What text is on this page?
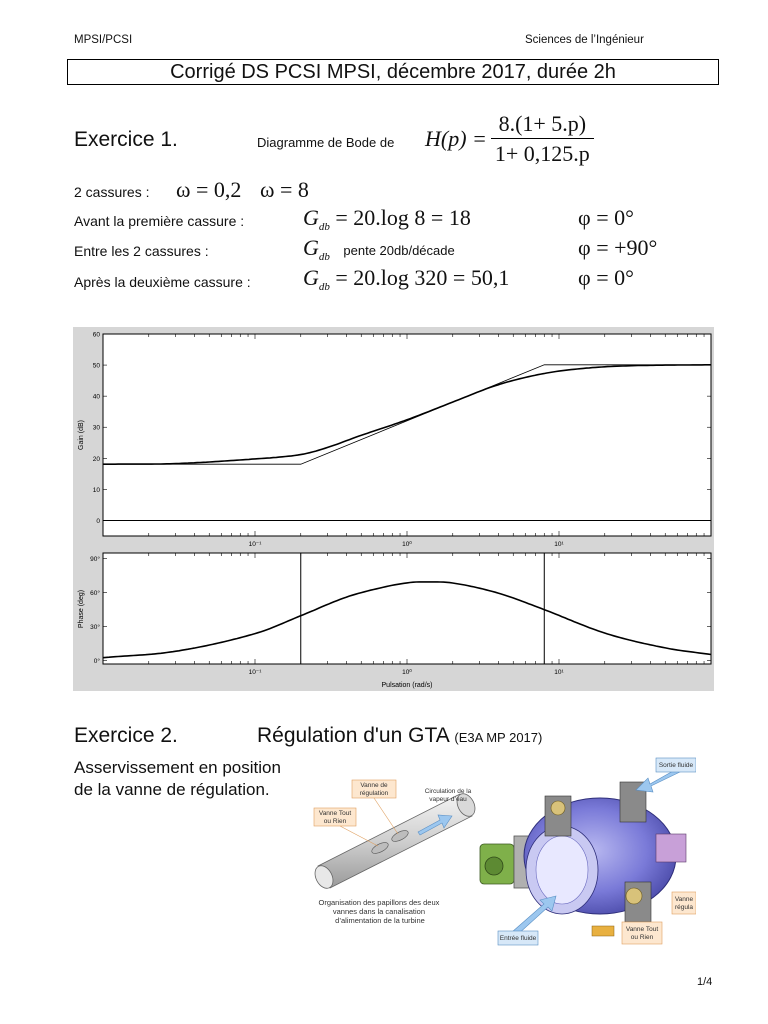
MPSI/PCSI	Sciences de l’Ingénieur
Corrigé DS PCSI MPSI, décembre 2017, durée 2h
Exercice 1.	Diagramme de Bode de $H(p) = \frac{8.(1+ 5.p)}{1+ 0,125.p}$
2 cassures : ω = 0,2 ω = 8
Avant la première cassure :	$G_{db} = 20.\log$ 8 = 18	φ = 0°
Entre les 2 cassures :	$G_{db}$ pente 20db/décade	φ = +90°
Après la deuxième cassure : $G_{db} = 20.\log$ 320 = 50,1	φ = 0°
10⁻¹	10⁰	10¹
0
10
20
30
40
50
60
10⁻¹	10⁰	10¹
0°
30°
60°
90°
Gain (dB)
Phase (deg)
Pulsation (rad/s)
Exercice 2.	Régulation d'un GTA (E3A MP 2017)
Asservissement en position de la vanne de régulation.	Vanne de régulation
Vanne Tout ou Rien
Circulation de la vapeur d’eau
Organisation des papillons des deux vannes dans la canalisation d’alimentation de la turbine
Sortie fluide
Entrée fluide
Vanne Tout ou Rien
Vanne régula
1/4
